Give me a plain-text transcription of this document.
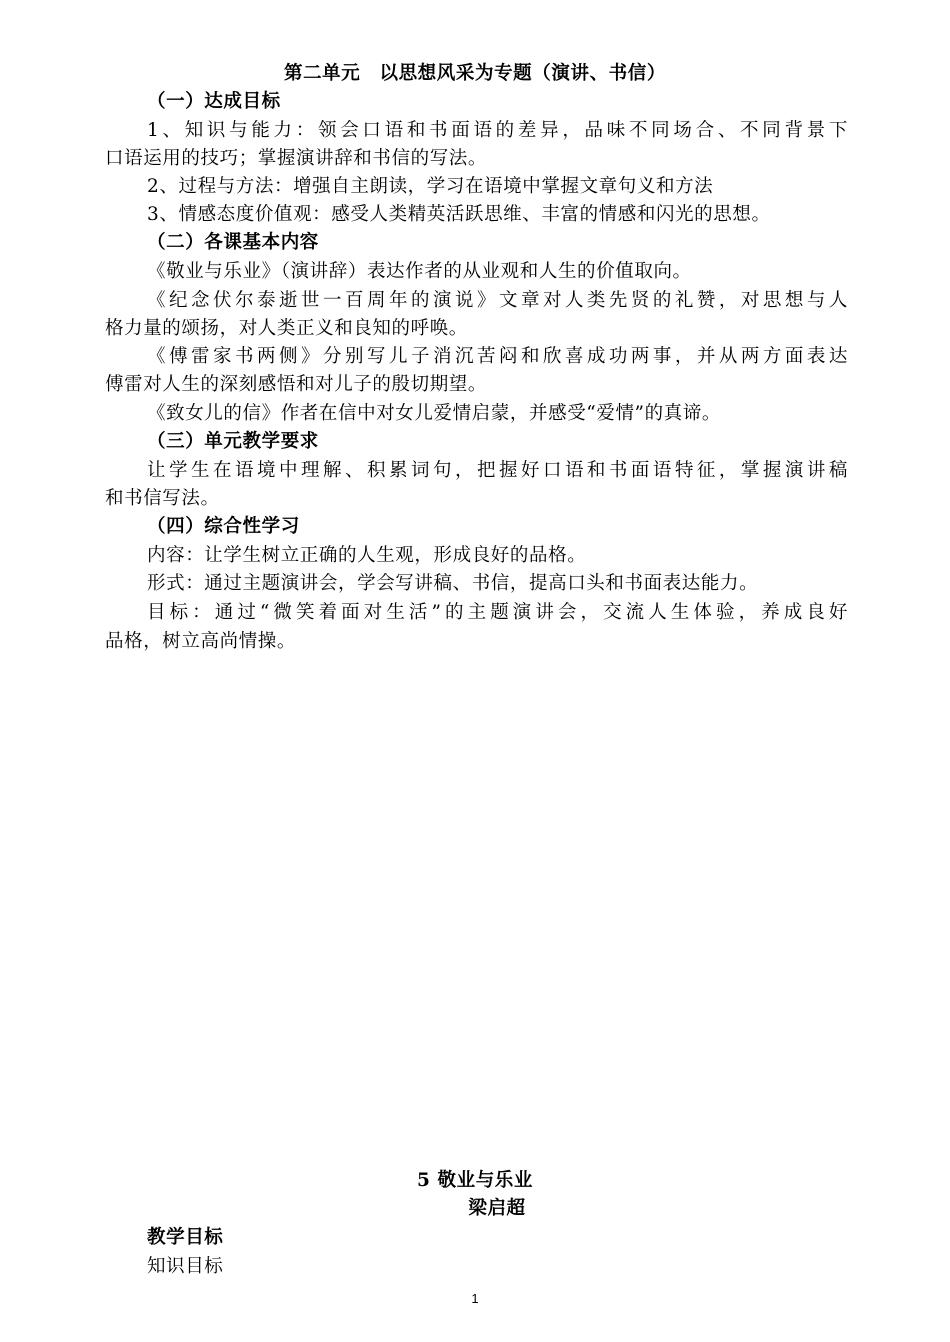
第二单元　以思想风采为专题（演讲、书信）
（一）达成目标
1、知识与能力：领会口语和书面语的差异，品味不同场合、不同背景下
口语运用的技巧；掌握演讲辞和书信的写法。
2、过程与方法：增强自主朗读，学习在语境中掌握文章句义和方法
3、情感态度价值观：感受人类精英活跃思维、丰富的情感和闪光的思想。
（二）各课基本内容
《敬业与乐业》（演讲辞）表达作者的从业观和人生的价值取向。
《纪念伏尔泰逝世一百周年的演说》文章对人类先贤的礼赞，对思想与人
格力量的颂扬，对人类正义和良知的呼唤。
《傅雷家书两侧》分别写儿子消沉苦闷和欣喜成功两事，并从两方面表达
傅雷对人生的深刻感悟和对儿子的殷切期望。
《致女儿的信》作者在信中对女儿爱情启蒙，并感受“爱情”的真谛。
（三）单元教学要求
让学生在语境中理解、积累词句，把握好口语和书面语特征，掌握演讲稿
和书信写法。
（四）综合性学习
内容：让学生树立正确的人生观，形成良好的品格。
形式：通过主题演讲会，学会写讲稿、书信，提高口头和书面表达能力。
目标：通过“微笑着面对生活”的主题演讲会，交流人生体验，养成良好
品格，树立高尚情操。
5 敬业与乐业
梁启超
教学目标
知识目标
1
